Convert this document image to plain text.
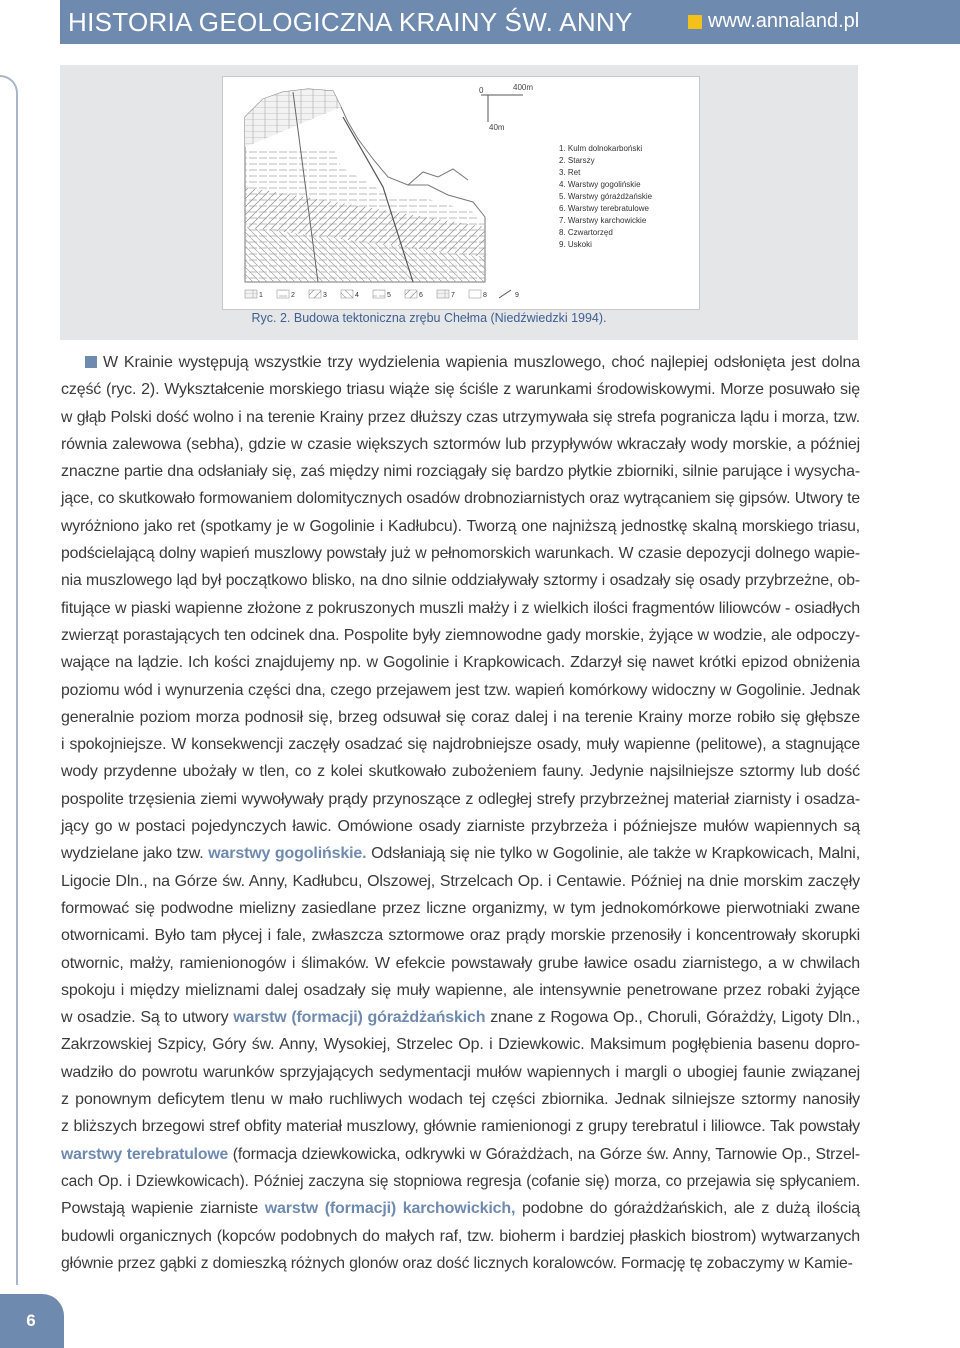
HISTORIA GEOLOGICZNA KRAINY ŚW. ANNY	www.annaland.pl
6
0	400m
40m
1. Kulm dolnokarboński
2. Starszy
3. Ret
4. Warstwy gogolińskie
5. Warstwy górażdżańskie
6. Warstwy terebratulowe
7. Warstwy karchowickie
8. Czwartorzęd
9. Uskoki
1	2	3	4	5	6	7	8	9
Ryc. 2. Budowa tektoniczna zrębu Chełma (Niedźwiedzki 1994).
W Krainie występują wszystkie trzy wydzielenia wapienia muszlowego, choć najlepiej odsłonięta jest dolna
część (ryc. 2). Wykształcenie morskiego triasu wiąże się ściśle z warunkami środowiskowymi. Morze posuwało się
w głąb Polski dość wolno i na terenie Krainy przez dłuższy czas utrzymywała się strefa pogranicza lądu i morza, tzw.
równia zalewowa (sebha), gdzie w czasie większych sztormów lub przypływów wkraczały wody morskie, a później
znaczne partie dna odsłaniały się, zaś między nimi rozciągały się bardzo płytkie zbiorniki, silnie parujące i wysycha-
jące, co skutkowało formowaniem dolomitycznych osadów drobnoziarnistych oraz wytrącaniem się gipsów. Utwory te
wyróżniono jako ret (spotkamy je w Gogolinie i Kadłubcu). Tworzą one najniższą jednostkę skalną morskiego triasu,
podścielającą dolny wapień muszlowy powstały już w pełnomorskich warunkach. W czasie depozycji dolnego wapie-
nia muszlowego ląd był początkowo blisko, na dno silnie oddziaływały sztormy i osadzały się osady przybrzeżne, ob-
fitujące w piaski wapienne złożone z pokruszonych muszli małży i z wielkich ilości fragmentów liliowców - osiadłych
zwierząt porastających ten odcinek dna. Pospolite były ziemnowodne gady morskie, żyjące w wodzie, ale odpoczy-
wające na lądzie. Ich kości znajdujemy np. w Gogolinie i Krapkowicach. Zdarzył się nawet krótki epizod obniżenia
poziomu wód i wynurzenia części dna, czego przejawem jest tzw. wapień komórkowy widoczny w Gogolinie. Jednak
generalnie poziom morza podnosił się, brzeg odsuwał się coraz dalej i na terenie Krainy morze robiło się głębsze
i spokojniejsze. W konsekwencji zaczęły osadzać się najdrobniejsze osady, muły wapienne (pelitowe), a stagnujące
wody przydenne ubożały w tlen, co z kolei skutkowało zubożeniem fauny. Jedynie najsilniejsze sztormy lub dość
pospolite trzęsienia ziemi wywoływały prądy przynoszące z odległej strefy przybrzeżnej materiał ziarnisty i osadza-
jący go w postaci pojedynczych ławic. Omówione osady ziarniste przybrzeża i późniejsze mułów wapiennych są
wydzielane jako tzw. warstwy gogolińskie. Odsłaniają się nie tylko w Gogolinie, ale także w Krapkowicach, Malni,
Ligocie Dln., na Górze św. Anny, Kadłubcu, Olszowej, Strzelcach Op. i Centawie. Później na dnie morskim zaczęły
formować się podwodne mielizny zasiedlane przez liczne organizmy, w tym jednokomórkowe pierwotniaki zwane
otwornicami. Było tam płycej i fale, zwłaszcza sztormowe oraz prądy morskie przenosiły i koncentrowały skorupki
otwornic, małży, ramienionogów i ślimaków. W efekcie powstawały grube ławice osadu ziarnistego, a w chwilach
spokoju i między mieliznami dalej osadzały się muły wapienne, ale intensywnie penetrowane przez robaki żyjące
w osadzie. Są to utwory warstw (formacji) górażdżańskich znane z Rogowa Op., Choruli, Górażdży, Ligoty Dln.,
Zakrzowskiej Szpicy, Góry św. Anny, Wysokiej, Strzelec Op. i Dziewkowic. Maksimum pogłębienia basenu dopro-
wadziło do powrotu warunków sprzyjających sedymentacji mułów wapiennych i margli o ubogiej faunie związanej
z ponownym deficytem tlenu w mało ruchliwych wodach tej części zbiornika. Jednak silniejsze sztormy nanosiły
z bliższych brzegowi stref obfity materiał muszlowy, głównie ramienionogi z grupy terebratul i liliowce. Tak powstały
warstwy terebratulowe (formacja dziewkowicka, odkrywki w Górażdżach, na Górze św. Anny, Tarnowie Op., Strzel-
cach Op. i Dziewkowicach). Później zaczyna się stopniowa regresja (cofanie się) morza, co przejawia się spłycaniem.
Powstają wapienie ziarniste warstw (formacji) karchowickich, podobne do górażdżańskich, ale z dużą ilością
budowli organicznych (kopców podobnych do małych raf, tzw. bioherm i bardziej płaskich biostrom) wytwarzanych
głównie przez gąbki z domieszką różnych glonów oraz dość licznych koralowców. Formację tę zobaczymy w Kamie-
